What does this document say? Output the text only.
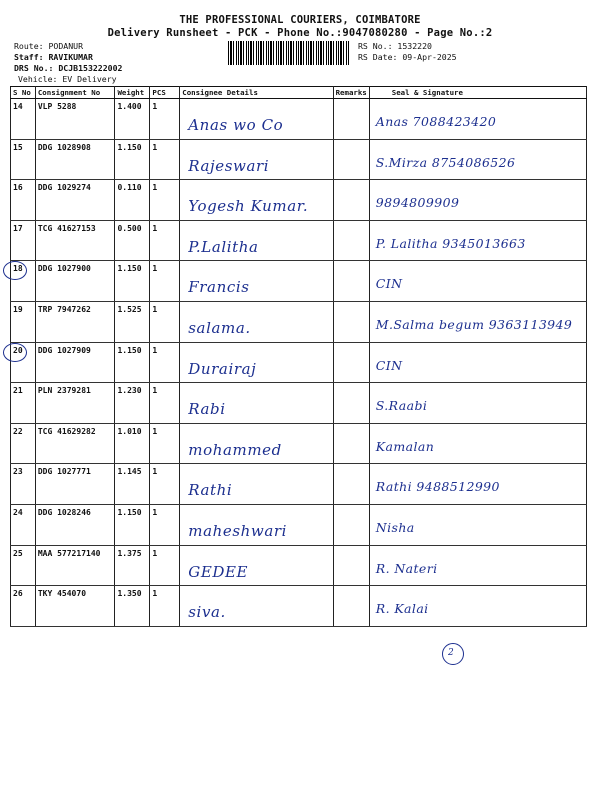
THE PROFESSIONAL COURIERS, COIMBATORE
Delivery Runsheet - PCK - Phone No.:9047080280 - Page No.:2
Route: PODANUR
Staff: RAVIKUMAR
DRS No.: DCJB153222002
Vehicle: EV Delivery
RS No.: 1532220
RS Date: 09-Apr-2025
S No	Consignment No	Weight	PCS	Consignee Details	Remarks	Seal & Signature
14	VLP 5288	1.400	1	Anas wo Co		Anas 7088423420

15	DDG 1028908	1.150	1	Rajeswari		S.Mirza 8754086526

16	DDG 1029274	0.110	1	Yogesh Kumar.		9894809909

17	TCG 41627153	0.500	1	P.Lalitha		P. Lalitha 9345013663

18	DDG 1027900	1.150	1	Francis		CIN

19	TRP 7947262	1.525	1	salama.		M.Salma begum 9363113949

20	DDG 1027909	1.150	1	Durairaj		CIN

21	PLN 2379281	1.230	1	Rabi		S.Raabi

22	TCG 41629282	1.010	1	mohammed		Kamalan

23	DDG 1027771	1.145	1	Rathi		Rathi 9488512990

24	DDG 1028246	1.150	1	maheshwari		Nisha

25	MAA 577217140	1.375	1	GEDEE		R. Nateri

26	TKY 454070	1.350	1	siva.		R. Kalai
2
